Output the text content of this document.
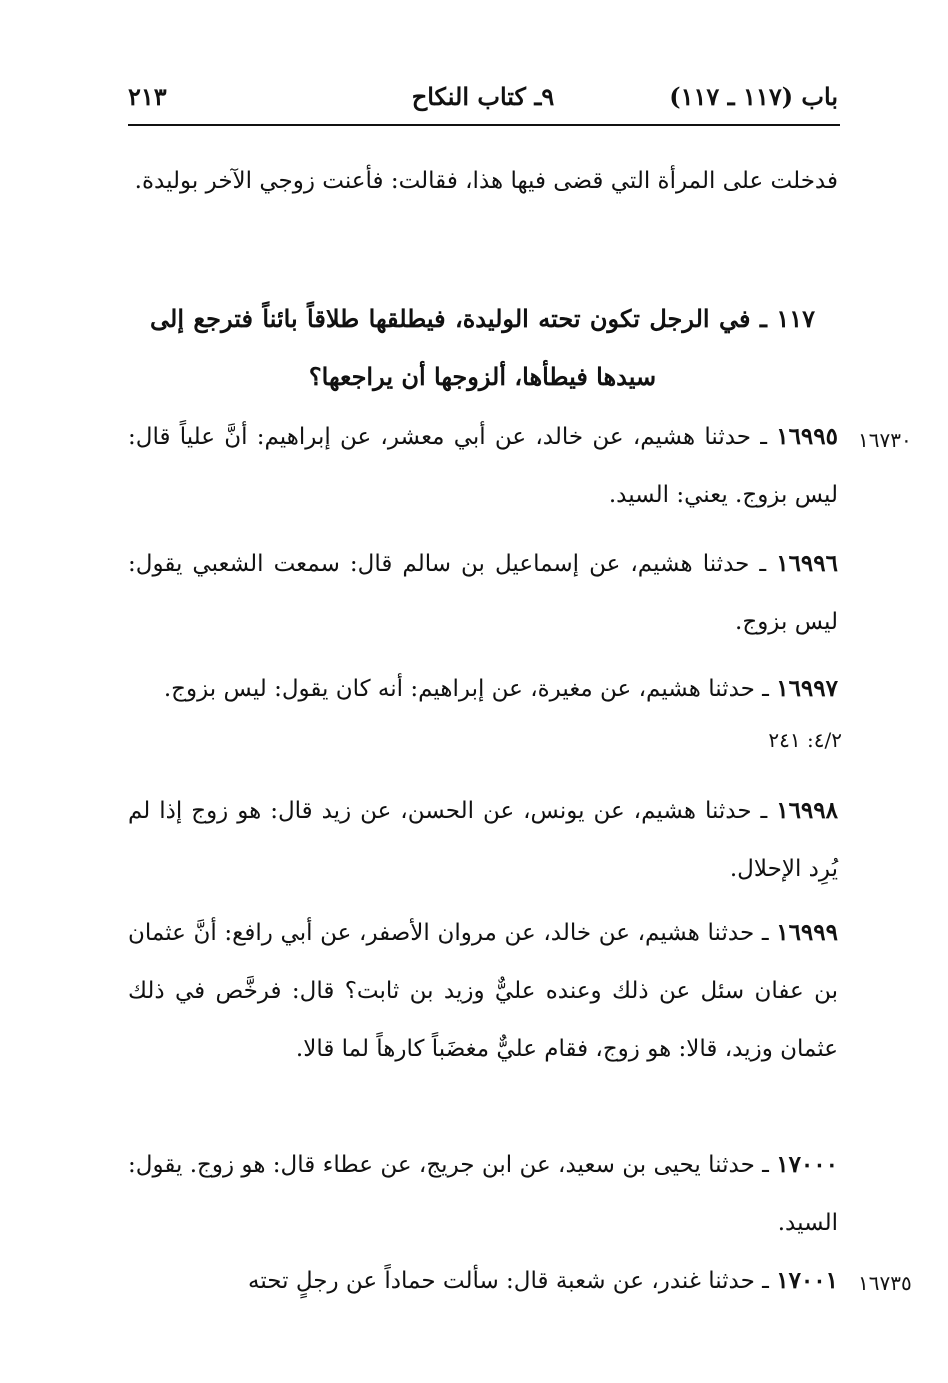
باب (١١٧ ـ ١١٧)
٩ـ كتاب النكاح
٢١٣
فدخلت على المرأة التي قضى فيها هذا، فقالت: فأعنت زوجي الآخر بوليدة.
١١٧ ـ في الرجل تكون تحته الوليدة، فيطلقها طلاقاً بائناً فترجع إلى سيدها فيطأها، ألزوجها أن يراجعها؟
١٦٧٣٠
١٦٩٩٥ ـ حدثنا هشيم، عن خالد، عن أبي معشر، عن إبراهيم: أنَّ علياً قال: ليس بزوج. يعني: السيد.
١٦٩٩٦ ـ حدثنا هشيم، عن إسماعيل بن سالم قال: سمعت الشعبي يقول: ليس بزوج.
٤/٢: ٢٤١
١٦٩٩٧ ـ حدثنا هشيم، عن مغيرة، عن إبراهيم: أنه كان يقول: ليس بزوج.
١٦٩٩٨ ـ حدثنا هشيم، عن يونس، عن الحسن، عن زيد قال: هو زوج إذا لم يُرِد الإحلال.
١٦٩٩٩ ـ حدثنا هشيم، عن خالد، عن مروان الأصفر، عن أبي رافع: أنَّ عثمان بن عفان سئل عن ذلك وعنده عليٌّ وزيد بن ثابت؟ قال: فرخَّص في ذلك عثمان وزيد، قالا: هو زوج، فقام عليٌّ مغضَباً كارهاً لما قالا.
١٧٠٠٠ ـ حدثنا يحيى بن سعيد، عن ابن جريج، عن عطاء قال: هو زوج. يقول: السيد.
١٦٧٣٥
١٧٠٠١ ـ حدثنا غندر، عن شعبة قال: سألت حماداً عن رجلٍ تحته
